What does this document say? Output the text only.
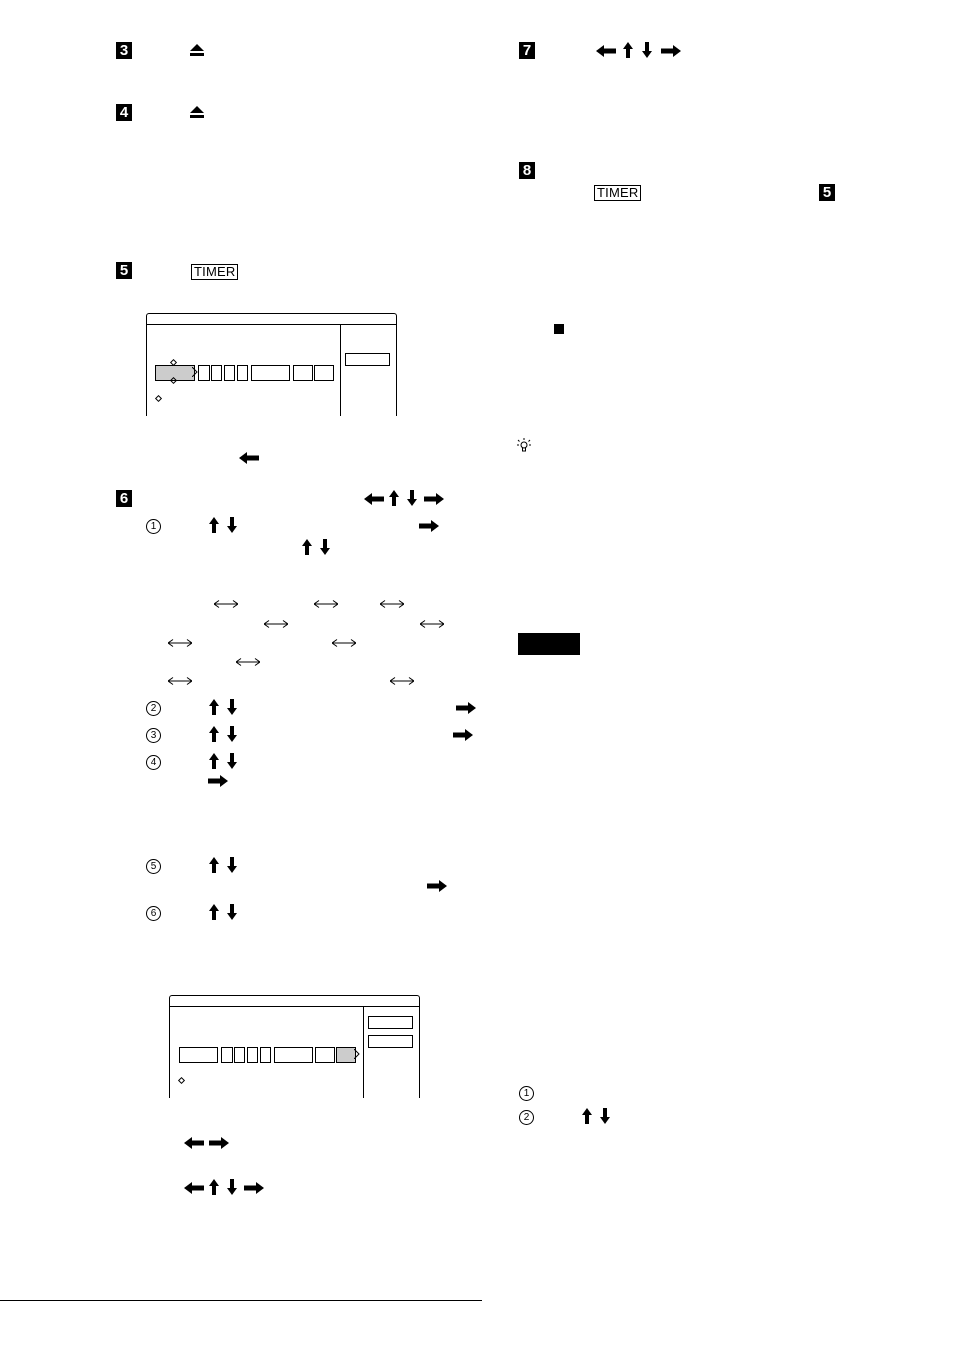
3
4
5	TIMER
6
1
2
3
4
5
6
7
8
TIMER	5
1
2
